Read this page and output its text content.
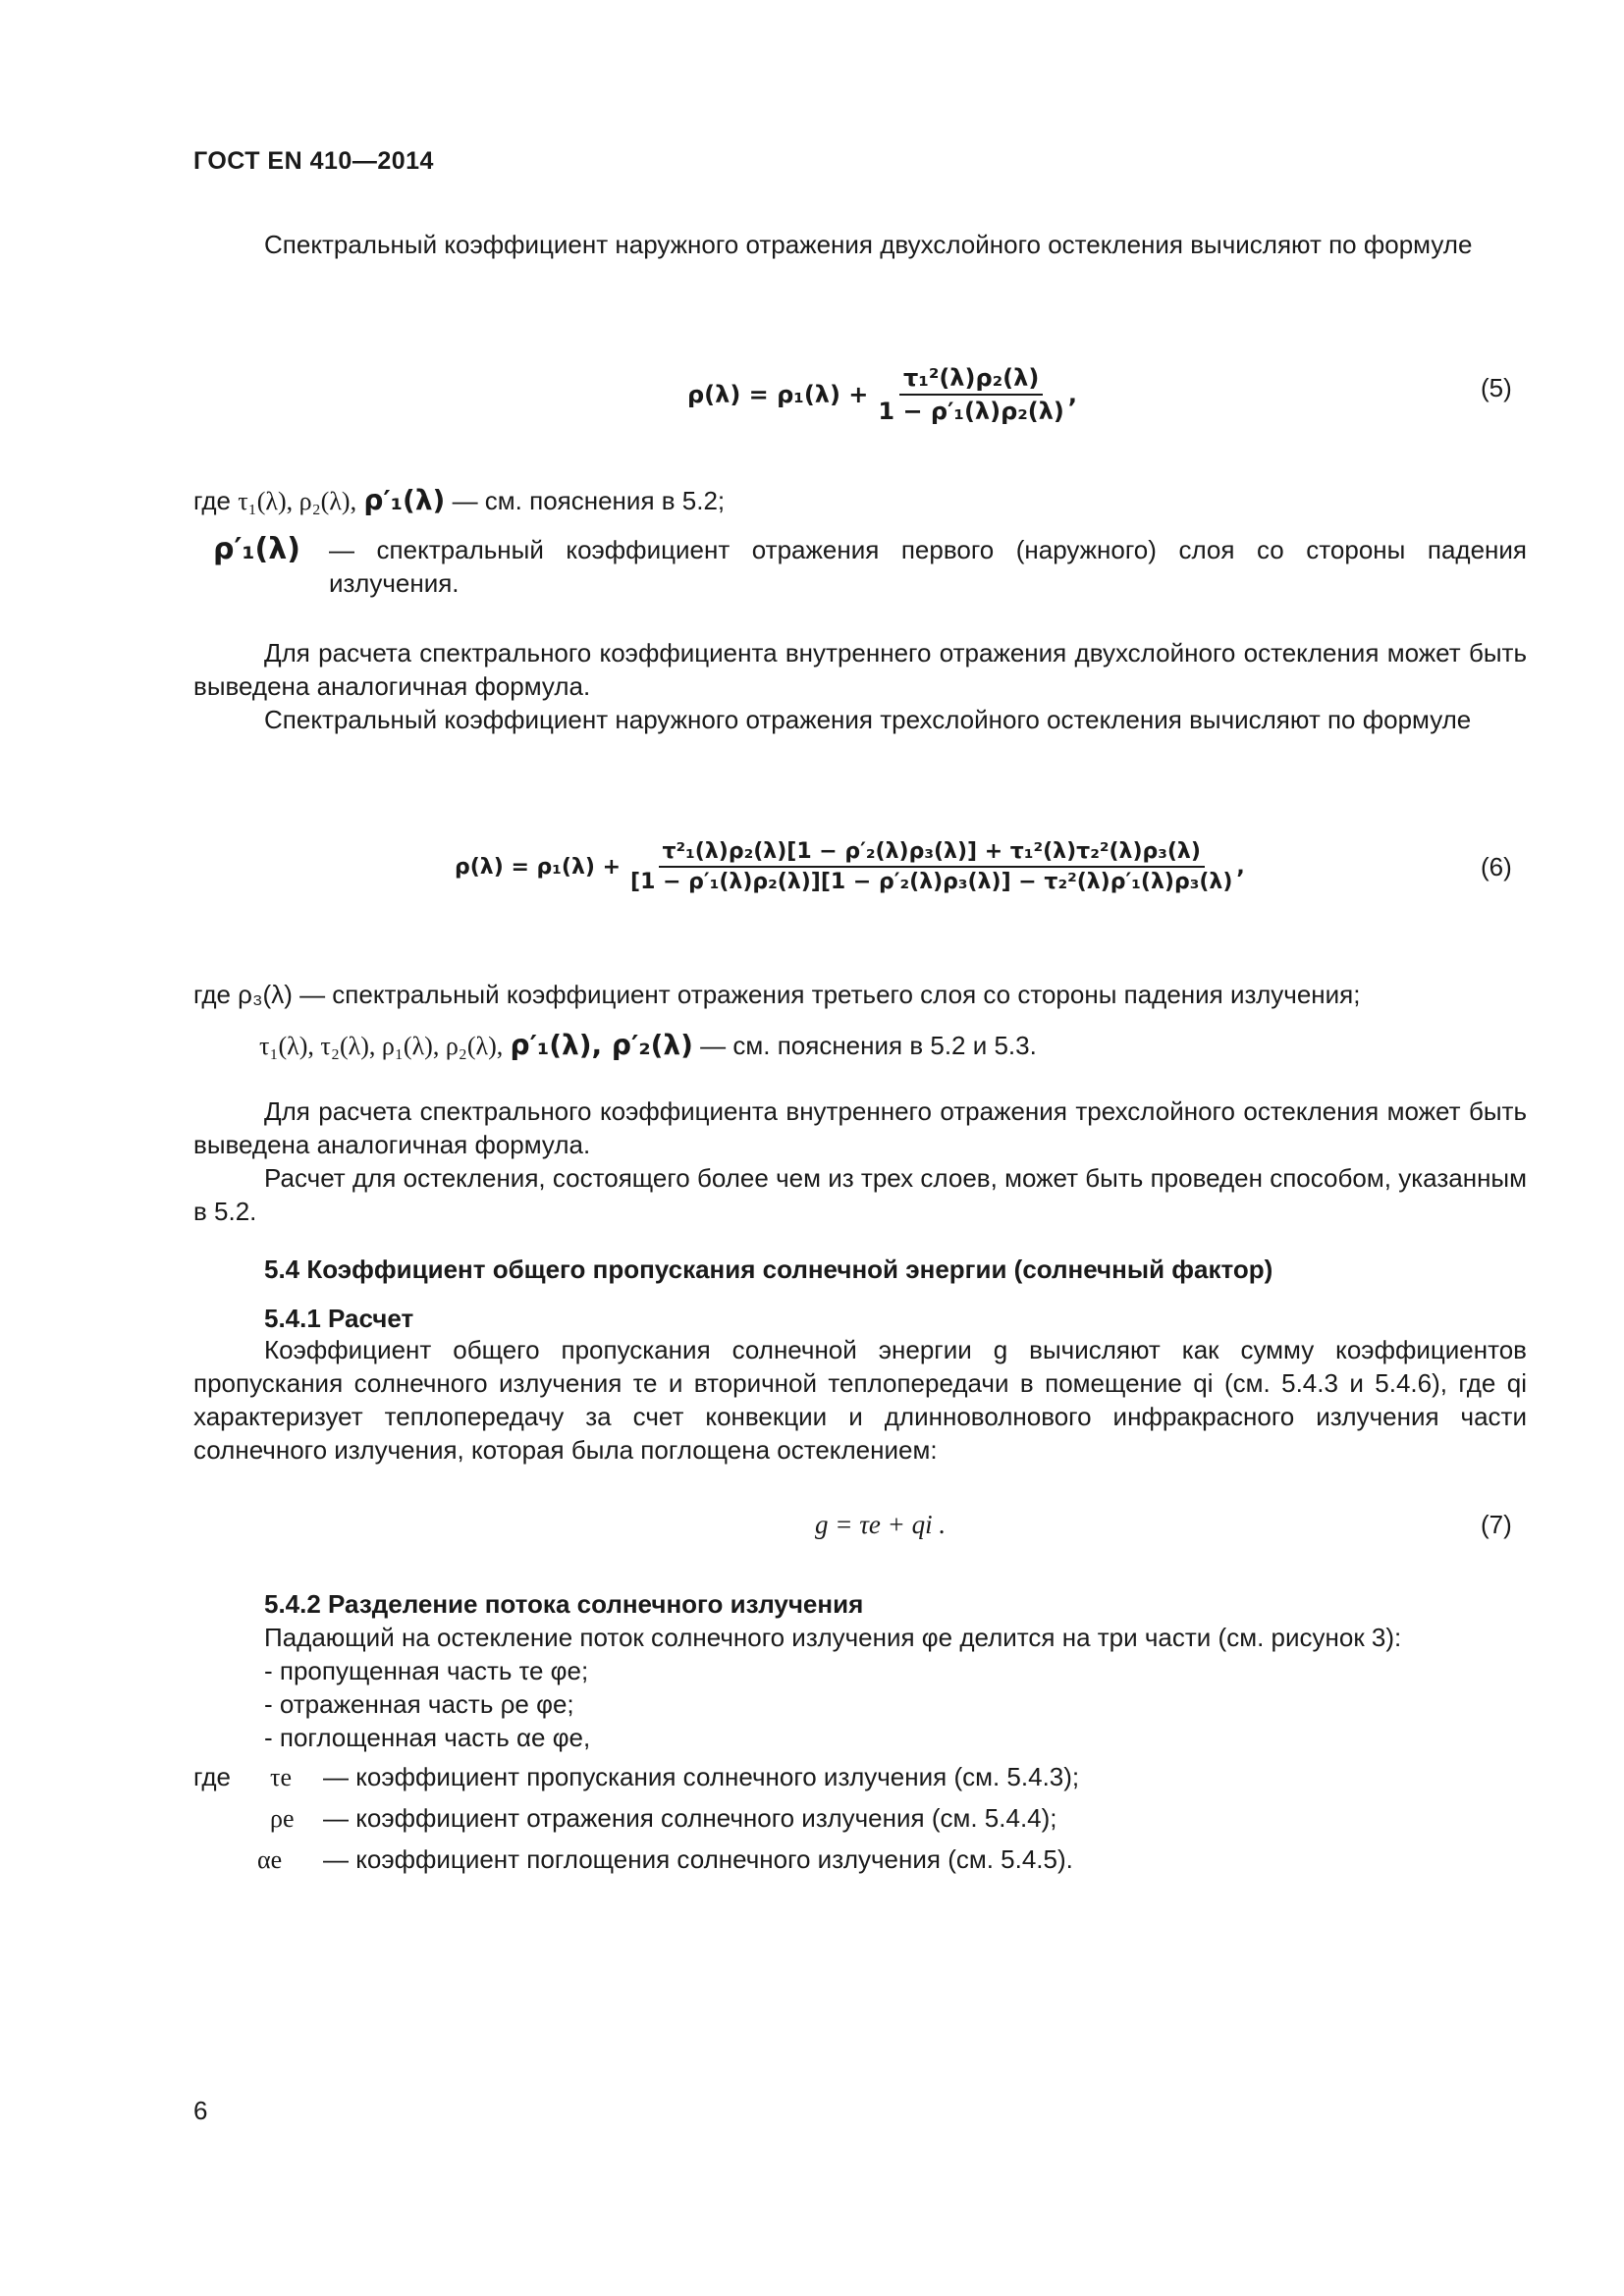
ГОСТ EN 410—2014
Спектральный коэффициент наружного отражения двухслойного остекления вычисляют по формуле
$\rho(\lambda) = \rho_1(\lambda) + \frac{\text{τ₁²(λ)ρ₂(λ)}}{\text{1 − ρ′₁(λ)ρ₂(λ)}}$ ,	(5)
где τ₁(λ), ρ₂(λ), ρ′₁(λ) — см. пояснения в 5.2;
ρ′₁(λ)	— спектральный коэффициент отражения первого (наружного) слоя со стороны падения излучения.
Для расчета спектрального коэффициента внутреннего отражения двухслойного остекления может быть выведена аналогичная формула.
Спектральный коэффициент наружного отражения трехслойного остекления вычисляют по формуле
$\rho(\lambda) = \rho_1(\lambda) + \frac{\text{τ²₁(λ)ρ₂(λ)[1 − ρ′₂(λ)ρ₃(λ)] + τ₁²(λ)τ₂²(λ)ρ₃(λ)}}{\text{[1 − ρ′₁(λ)ρ₂(λ)][1 − ρ′₂(λ)ρ₃(λ)] − τ₂²(λ)ρ′₁(λ)ρ₃(λ)}}$ ,	(6)
где ρ₃(λ) — спектральный коэффициент отражения третьего слоя со стороны падения излучения;
τ₁(λ), τ₂(λ), ρ₁(λ), ρ₂(λ), ρ′₁(λ), ρ′₂(λ) — см. пояснения в 5.2 и 5.3.
Для расчета спектрального коэффициента внутреннего отражения трехслойного остекления может быть выведена аналогичная формула.
Расчет для остекления, состоящего более чем из трех слоев, может быть проведен способом, указанным в 5.2.
5.4 Коэффициент общего пропускания солнечной энергии (солнечный фактор)
5.4.1 Расчет
Коэффициент общего пропускания солнечной энергии g вычисляют как сумму коэффициентов пропускания солнечного излучения τe и вторичной теплопередачи в помещение qi (см. 5.4.3 и 5.4.6), где qi характеризует теплопередачу за счет конвекции и длинноволнового инфракрасного излучения части солнечного излучения, которая была поглощена остеклением:
g = τe + qi .	(7)
5.4.2 Разделение потока солнечного излучения
Падающий на остекление поток солнечного излучения φe делится на три части (см. рисунок 3):
- пропущенная часть τe φe;
- отраженная часть ρe φe;
- поглощенная часть αe φe,
где τe — коэффициент пропускания солнечного излучения (см. 5.4.3);
ρe — коэффициент отражения солнечного излучения (см. 5.4.4);
αe — коэффициент поглощения солнечного излучения (см. 5.4.5).
6
